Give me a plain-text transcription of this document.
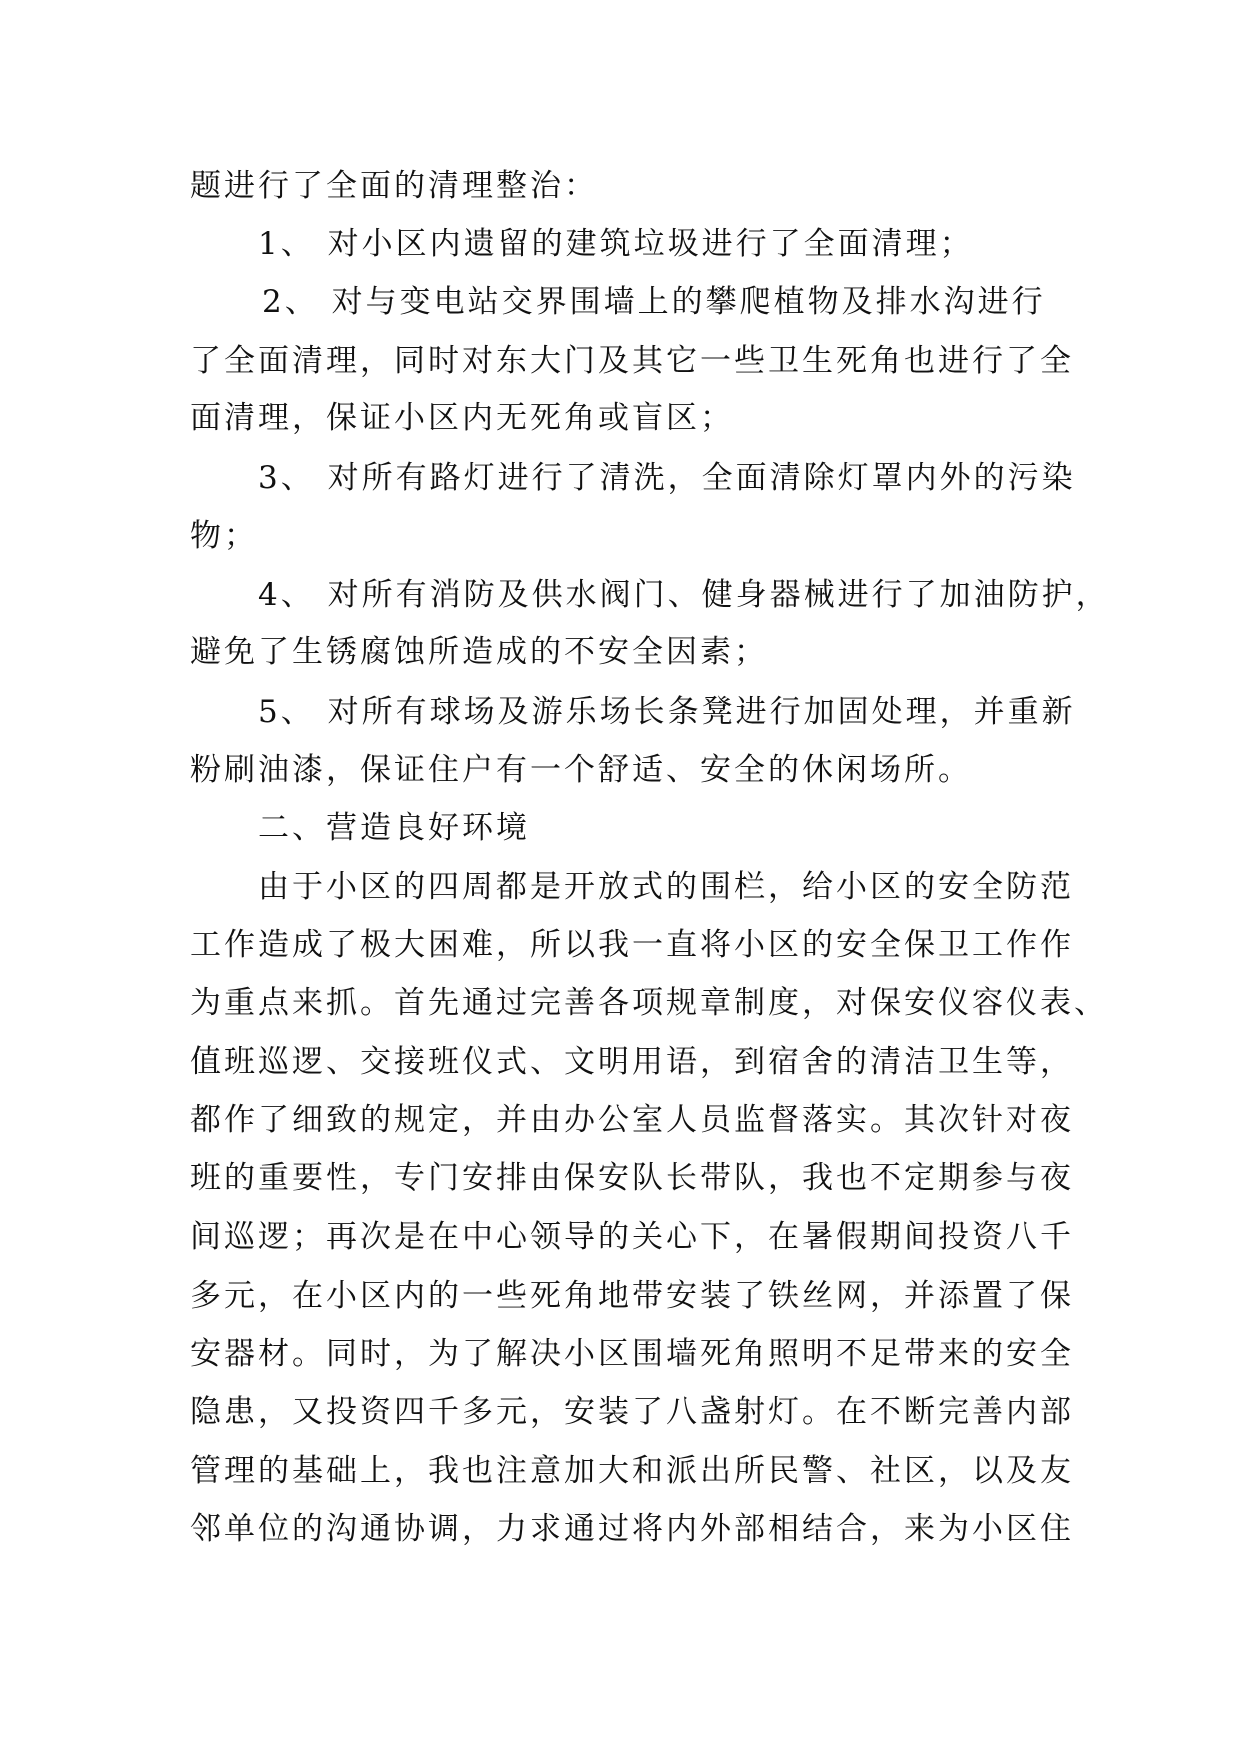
题进行了全面的清理整治：
1、 对小区内遗留的建筑垃圾进行了全面清理；
2、 对与变电站交界围墙上的攀爬植物及排水沟进行
了全面清理，同时对东大门及其它一些卫生死角也进行了全
面清理，保证小区内无死角或盲区；
3、 对所有路灯进行了清洗，全面清除灯罩内外的污染
物；
4、 对所有消防及供水阀门、健身器械进行了加油防护，
避免了生锈腐蚀所造成的不安全因素；
5、 对所有球场及游乐场长条凳进行加固处理，并重新
粉刷油漆，保证住户有一个舒适、安全的休闲场所。
二、营造良好环境
由于小区的四周都是开放式的围栏，给小区的安全防范
工作造成了极大困难，所以我一直将小区的安全保卫工作作
为重点来抓。首先通过完善各项规章制度，对保安仪容仪表、
值班巡逻、交接班仪式、文明用语，到宿舍的清洁卫生等，
都作了细致的规定，并由办公室人员监督落实。其次针对夜
班的重要性，专门安排由保安队长带队，我也不定期参与夜
间巡逻；再次是在中心领导的关心下，在暑假期间投资八千
多元，在小区内的一些死角地带安装了铁丝网，并添置了保
安器材。同时，为了解决小区围墙死角照明不足带来的安全
隐患，又投资四千多元，安装了八盏射灯。在不断完善内部
管理的基础上，我也注意加大和派出所民警、社区，以及友
邻单位的沟通协调，力求通过将内外部相结合，来为小区住
